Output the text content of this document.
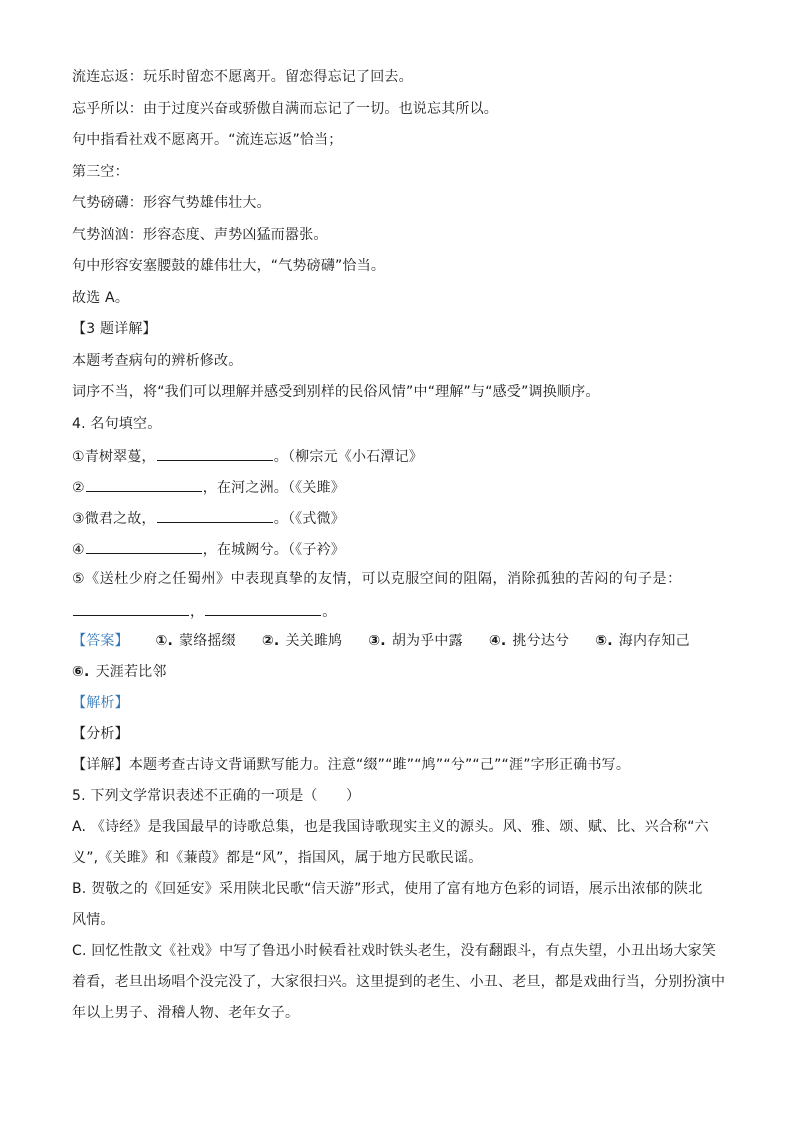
流连忘返：玩乐时留恋不愿离开。留恋得忘记了回去。
忘乎所以：由于过度兴奋或骄傲自满而忘记了一切。也说忘其所以。
句中指看社戏不愿离开。“流连忘返”恰当；
第三空：
气势磅礴：形容气势雄伟壮大。
气势汹汹：形容态度、声势凶猛而嚣张。
句中形容安塞腰鼓的雄伟壮大，“气势磅礴”恰当。
故选 A。
【3 题详解】
本题考查病句的辨析修改。
词序不当，将“我们可以理解并感受到别样的民俗风情”中“理解”与“感受”调换顺序。
4. 名句填空。
①青树翠蔓，	。（柳宗元《小石潭记》
②	，在河之洲。（《关雎》
③微君之故，	。（《式微》
④	，在城阙兮。（《子衿》
⑤《送杜少府之任蜀州》中表现真挚的友情，可以克服空间的阻隔，消除孤独的苦闷的句子是：
，	。
【答案】 ①. 蒙络摇缀 ②. 关关雎鸠 ③. 胡为乎中露 ④. 挑兮达兮 ⑤. 海内存知己
⑥. 天涯若比邻
【解析】
【分析】
【详解】本题考查古诗文背诵默写能力。注意“缀”“雎”“鸠”“兮”“己”“涯”字形正确书写。
5. 下列文学常识表述不正确的一项是（　　）
A. 《诗经》是我国最早的诗歌总集，也是我国诗歌现实主义的源头。风、雅、颂、赋、比、兴合称“六
义”,《关雎》和《蒹葭》都是“风”，指国风，属于地方民歌民谣。
B. 贺敬之的《回延安》采用陕北民歌“信天游”形式，使用了富有地方色彩的词语，展示出浓郁的陕北
风情。
C. 回忆性散文《社戏》中写了鲁迅小时候看社戏时铁头老生，没有翻跟斗，有点失望，小丑出场大家笑
着看，老旦出场唱个没完没了，大家很扫兴。这里提到的老生、小丑、老旦，都是戏曲行当，分别扮演中
年以上男子、滑稽人物、老年女子。
